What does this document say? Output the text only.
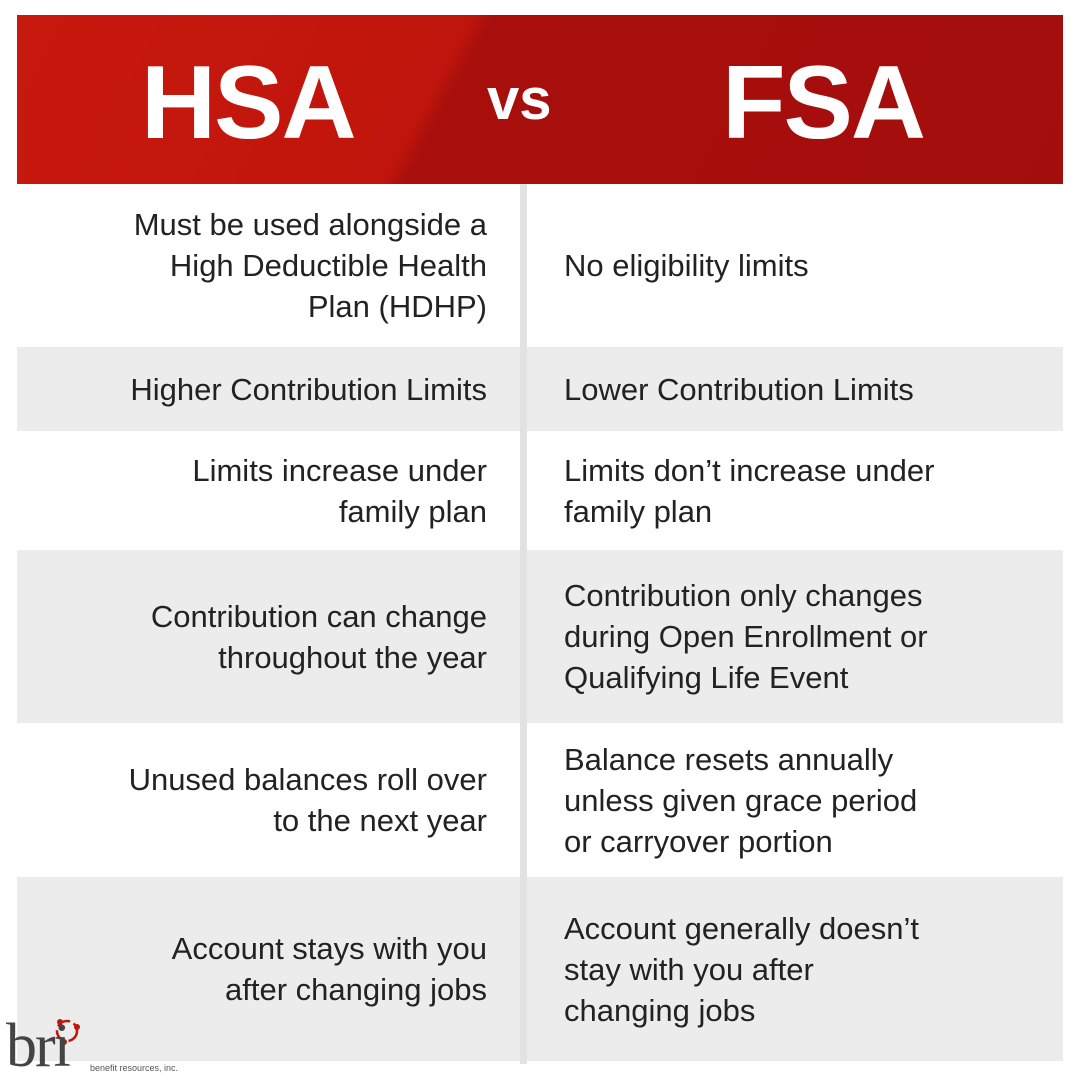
HSA vs FSA
Must be used alongside a
High Deductible Health
Plan (HDHP)
No eligibility limits
Higher Contribution Limits Lower Contribution Limits
Limits increase under
family plan
Limits don’t increase under
family plan
Contribution can change
throughout the year
Contribution only changes
during Open Enrollment or
Qualifying Life Event
Unused balances roll over
to the next year
Balance resets annually
unless given grace period
or carryover portion
Account stays with you
after changing jobs
Account generally doesn’t
stay with you after
changing jobs
bri benefit resources, inc.
